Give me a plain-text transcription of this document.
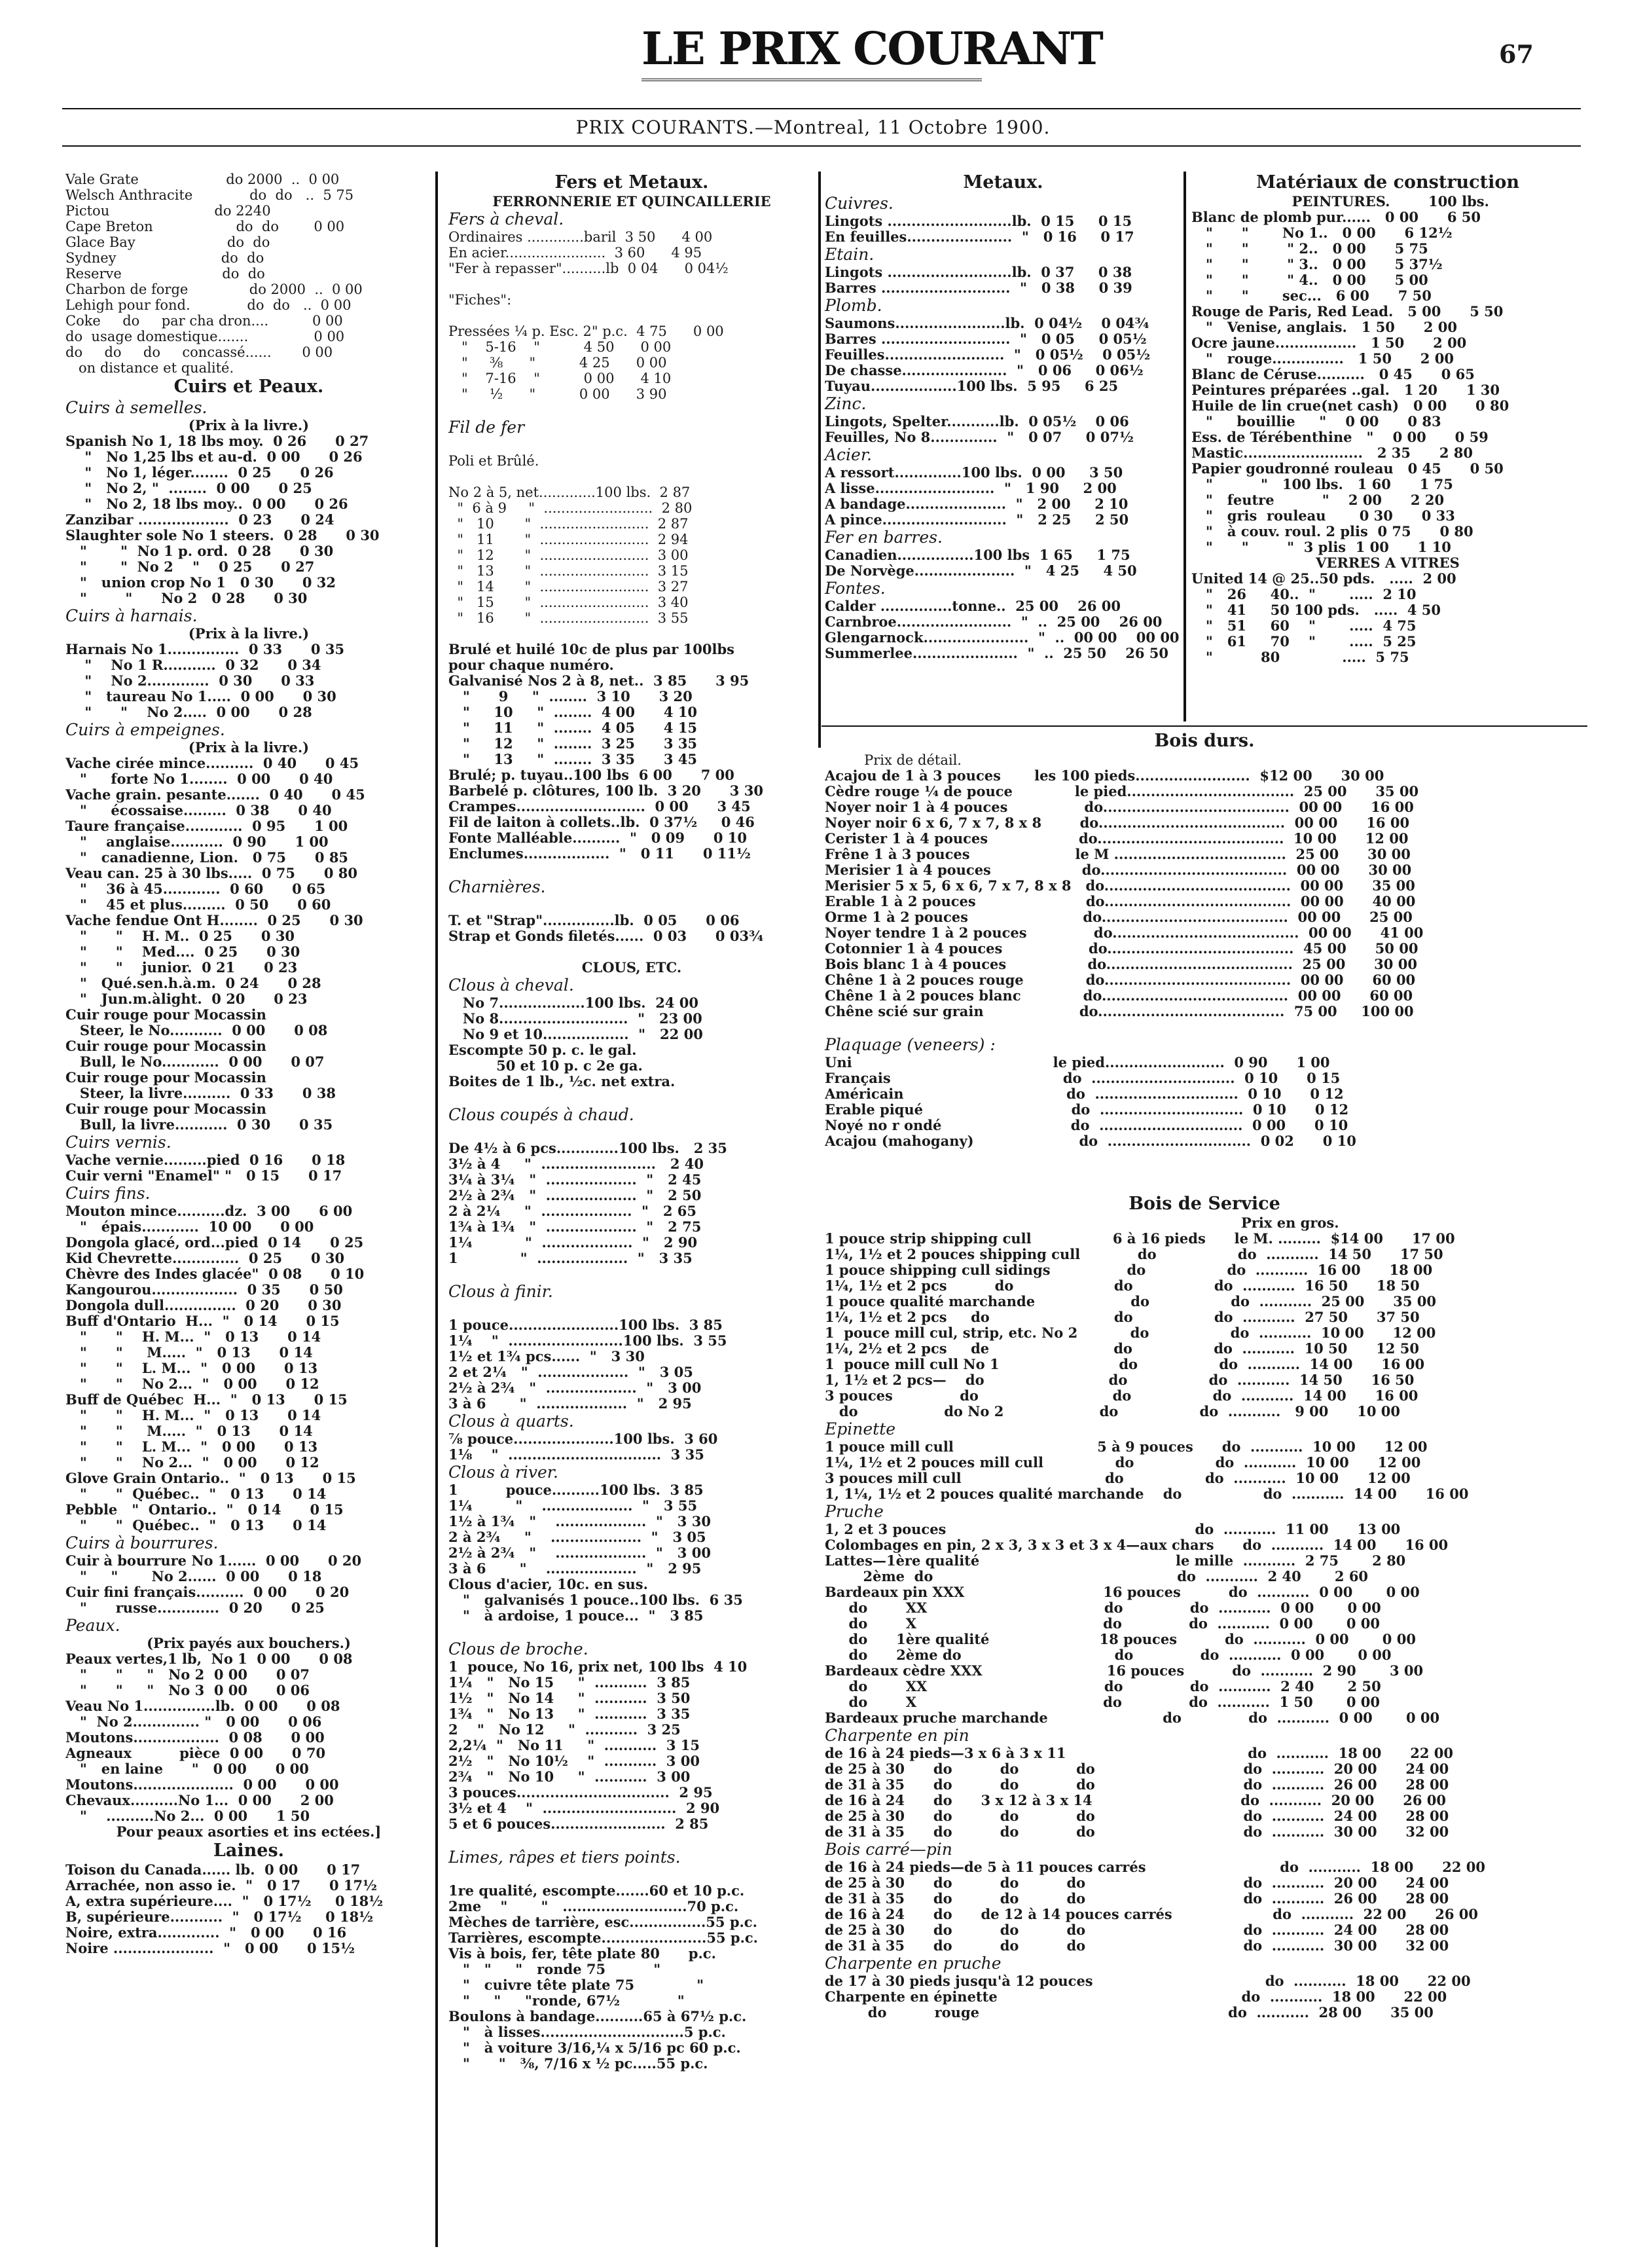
LE PRIX COURANT	67
PRIX COURANTS.—Montreal, 11 Octobre 1900.
Vale Grate                    do 2000  ..  0 00
Welsch Anthracite             do  do   ..  5 75
Pictou                        do 2240
Cape Breton                   do  do        0 00
Glace Bay                     do  do
Sydney                        do  do
Reserve                       do  do
Charbon de forge              do 2000  ..  0 00
Lehigh pour fond.             do  do   ..  0 00
Coke     do     par cha dron....          0 00
do  usage domestique.......               0 00
do     do     do     concassé......       0 00
on distance et qualité.
Cuirs et Peaux.
Cuirs à semelles.
(Prix à la livre.)
Spanish No 1, 18 lbs moy.  0 26      0 27
"   No 1,25 lbs et au-d.  0 00      0 26
"   No 1, léger........  0 25      0 26
"   No 2, "  ........  0 00      0 25
"   No 2, 18 lbs moy..  0 00      0 26
Zanzibar ...................  0 23      0 24
Slaughter sole No 1 steers.  0 28      0 30
"       "  No 1 p. ord.  0 28      0 30
"       "  No 2    "    0 25      0 27
"   union crop No 1   0 30      0 32
"        "      No 2   0 28      0 30
Cuirs à harnais.
(Prix à la livre.)
Harnais No 1...............  0 33      0 35
"    No 1 R...........  0 32      0 34
"    No 2.............  0 30      0 33
"   taureau No 1.....  0 00      0 30
"      "    No 2.....  0 00      0 28
Cuirs à empeignes.
(Prix à la livre.)
Vache cirée mince..........  0 40      0 45
"     forte No 1........  0 00      0 40
Vache grain. pesante.......  0 40      0 45
"     écossaise.........  0 38      0 40
Taure française............  0 95      1 00
"    anglaise...........  0 90      1 00
"   canadienne, Lion.   0 75      0 85
Veau can. 25 à 30 lbs.....  0 75      0 80
"    36 à 45............  0 60      0 65
"    45 et plus.........  0 50      0 60
Vache fendue Ont H........  0 25      0 30
"      "    H. M..  0 25      0 30
"      "    Med....  0 25      0 30
"      "    junior.  0 21      0 23
"   Qué.sen.h.à.m.  0 24      0 28
"   Jun.m.àlight.  0 20      0 23
Cuir rouge pour Mocassin
Steer, le No...........  0 00      0 08
Cuir rouge pour Mocassin
Bull, le No............  0 00      0 07
Cuir rouge pour Mocassin
Steer, la livre..........  0 33      0 38
Cuir rouge pour Mocassin
Bull, la livre...........  0 30      0 35
Cuirs vernis.
Vache vernie.........pied  0 16      0 18
Cuir verni "Enamel" "   0 15      0 17
Cuirs fins.
Mouton mince..........dz.  3 00      6 00
"   épais............  10 00      0 00
Dongola glacé, ord...pied  0 14      0 25
Kid Chevrette..............  0 25      0 30
Chèvre des Indes glacée"  0 08      0 10
Kangourou..................  0 35      0 50
Dongola dull...............  0 20      0 30
Buff d'Ontario  H...  "   0 14      0 15
"      "    H. M...  "   0 13      0 14
"      "     M.....  "   0 13      0 14
"      "    L. M...  "   0 00      0 13
"      "    No 2...  "   0 00      0 12
Buff de Québec  H...  "   0 13      0 15
"      "    H. M...  "   0 13      0 14
"      "     M.....  "   0 13      0 14
"      "    L. M...  "   0 00      0 13
"      "    No 2...  "   0 00      0 12
Glove Grain Ontario..  "   0 13      0 15
"      "  Québec..  "   0 13      0 14
Pebble   "  Ontario..  "   0 14      0 15
"      "  Québec..  "   0 13      0 14
Cuirs à bourrures.
Cuir à bourrure No 1......  0 00      0 20
"     "       No 2......  0 00      0 18
Cuir fini français..........  0 00      0 20
"      russe.............  0 20      0 25
Peaux.
(Prix payés aux bouchers.)
Peaux vertes,1 lb,  No 1  0 00      0 08
"      "     "   No 2  0 00      0 07
"      "     "   No 3  0 00      0 06
Veau No 1...............lb.  0 00      0 08
"  No 2.............. "   0 00      0 06
Moutons..................  0 08      0 00
Agneaux          pièce  0 00      0 70
"   en laine      "   0 00      0 00
Moutons.....................  0 00      0 00
Chevaux..........No 1...  0 00      2 00
"    ..........No 2...  0 00      1 50
Pour peaux asorties et ins ectées.]
Laines.
Toison du Canada...... lb.  0 00      0 17
Arrachée, non asso ie.  "   0 17      0 17½
A, extra supérieure....  "   0 17½     0 18½
B, supérieure...........  "   0 17½     0 18½
Noire, extra.............  "   0 00      0 16
Noire .....................  "   0 00      0 15½
Fers et Metaux.
FERRONNERIE ET QUINCAILLERIE
Fers à cheval.
Ordinaires .............baril  3 50      4 00
En acier.......................  3 60      4 95
"Fer à repasser"..........lb  0 04      0 04½
"Fiches":
Pressées ¼ p. Esc. 2" p.c.  4 75      0 00
"    5-16    "          4 50      0 00
"     ⅜      "          4 25      0 00
"    7-16    "          0 00      4 10
"     ½      "          0 00      3 90
Fil de fer
Poli et Brûlé.
No 2 à 5, net.............100 lbs.  2 87
"  6 à 9     "  .........................  2 80
"   10       "  .........................  2 87
"   11       "  .........................  2 94
"   12       "  .........................  3 00
"   13       "  .........................  3 15
"   14       "  .........................  3 27
"   15       "  .........................  3 40
"   16       "  .........................  3 55
Brulé et huilé 10c de plus par 100lbs
pour chaque numéro.
Galvanisé Nos 2 à 8, net..  3 85      3 95
"      9     "  ........  3 10      3 20
"     10     "  ........  4 00      4 10
"     11     "  ........  4 05      4 15
"     12     "  ........  3 25      3 35
"     13     "  ........  3 35      3 45
Brulé; p. tuyau..100 lbs  6 00      7 00
Barbelé p. clôtures, 100 lb.  3 20      3 30
Crampes...........................  0 00      3 45
Fil de laiton à collets..lb.  0 37½     0 46
Fonte Malléable..........  "   0 09      0 10
Enclumes..................  "   0 11      0 11½
Charnières.
T. et "Strap"...............lb.  0 05      0 06
Strap et Gonds filetés......  0 03      0 03¾
CLOUS, ETC.
Clous à cheval.
No 7..................100 lbs.  24 00
No 8...........................  "   23 00
No 9 et 10..................  "   22 00
Escompte 50 p. c. le gal.
50 et 10 p. c 2e ga.
Boites de 1 lb., ½c. net extra.
Clous coupés à chaud.
De 4½ à 6 pcs.............100 lbs.   2 35
3½ à 4     "  ........................   2 40
3¼ à 3¼   "  ...................  "   2 45
2½ à 2¾   "  ...................  "   2 50
2 à 2¼     "  ...................  "   2 65
1¾ à 1¾   "  ...................  "   2 75
1¼           "  ...................  "   2 90
1             "  ...................  "   3 35
Clous à finir.
1 pouce.......................100 lbs.  3 85
1¼    "  ........................100 lbs.  3 55
1½ et 1¾ pcs......  "   3 30
2 et 2¼   "  ...................  "   3 05
2½ à 2¾   "  ...................  "   3 00
3 à 6       "  ...................  "   2 95
Clous à quarts.
⅞ pouce.....................100 lbs.  3 60
1⅛    "  ................................  3 35
Clous à river.
1          pouce..........100 lbs.  3 85
1¼         "    ...................  "   3 55
1½ à 1¾   "    ...................  "   3 30
2 à 2¾     "    ...................  "   3 05
2½ à 2¾   "    ...................  "   3 00
3 à 6       "    ...................  "   2 95
Clous d'acier, 10c. en sus.
"   galvanisés 1 pouce..100 lbs.  6 35
"   à ardoise, 1 pouce...  "   3 85
Clous de broche.
1  pouce, No 16, prix net, 100 lbs  4 10
1¼   "   No 15     "  ...........  3 85
1½   "   No 14     "  ...........  3 50
1¾   "   No 13     "  ...........  3 35
2    "   No 12     "  ...........  3 25
2,2¼  "   No 11     "  ...........  3 15
2½   "   No 10½    "  ...........  3 00
2¾   "   No 10     "  ...........  3 00
3 pouces................................  2 95
3½ et 4    "  ............................  2 90
5 et 6 pouces........................  2 85
Limes, râpes et tiers points.
1re qualité, escompte.......60 et 10 p.c.
2me    "       "   ..........................70 p.c.
Mèches de tarrière, esc................55 p.c.
Tarrières, escompte......................55 p.c.
Vis à bois, fer, tête plate 80      p.c.
"   "     "   ronde 75          "
"   cuivre tête plate 75             "
"     "     "ronde, 67½            "
Boulons à bandage..........65 à 67½ p.c.
"   à lisses..............................5 p.c.
"   à voiture 3/16,¼ x 5/16 pc 60 p.c.
"      "   ⅜, 7/16 x ½ pc.....55 p.c.
Metaux.
Cuivres.
Lingots ..........................lb.  0 15     0 15
En feuilles......................  "   0 16     0 17
Etain.
Lingots ..........................lb.  0 37     0 38
Barres ...........................  "   0 38     0 39
Plomb.
Saumons.......................lb.  0 04½    0 04¾
Barres ...........................  "   0 05     0 05½
Feuilles.........................  "   0 05½    0 05½
De chasse......................  "   0 06     0 06½
Tuyau..................100 lbs.  5 95     6 25
Zinc.
Lingots, Spelter...........lb.  0 05½    0 06
Feuilles, No 8..............  "   0 07     0 07½
Acier.
A ressort..............100 lbs.  0 00     3 50
A lisse.........................  "   1 90     2 00
A bandage.....................  "   2 00     2 10
A pince..........................  "   2 25     2 50
Fer en barres.
Canadien................100 lbs  1 65     1 75
De Norvège.....................  "   4 25     4 50
Fontes.
Calder ...............tonne..  25 00    26 00
Carnbroe........................  "  ..  25 00    26 00
Glengarnock......................  "  ..  00 00    00 00
Summerlee......................  "  ..  25 50    26 50
Matériaux de construction
PEINTURES.        100 lbs.
Blanc de plomb pur......   0 00      6 50
"      "       No 1..   0 00      6 12½
"      "        " 2..   0 00      5 75
"      "        " 3..   0 00      5 37½
"      "        " 4..   0 00      5 00
"      "       sec...   6 00      7 50
Rouge de Paris, Red Lead.   5 00      5 50
"   Venise, anglais.   1 50      2 00
Ocre jaune.................   1 50      2 00
"   rouge...............   1 50      2 00
Blanc de Céruse..........   0 45      0 65
Peintures préparées ..gal.   1 20      1 30
Huile de lin crue(net cash)   0 00      0 80
"     bouillie     "    0 00      0 83
Ess. de Térébenthine   "    0 00      0 59
Mastic.........................   2 35      2 80
Papier goudronné rouleau   0 45      0 50
"          "   100 lbs.   1 60      1 75
"   feutre          "    2 00      2 20
"   gris  rouleau       0 30      0 33
"   à couv. roul. 2 plis  0 75      0 80
"      "        "  3 plis  1 00      1 10
VERRES A VITRES
United 14 @ 25..50 pds.   .....  2 00
"   26     40..  "       .....  2 10
"   41     50 100 pds.   .....  4 50
"   51     60    "       .....  4 75
"   61     70    "       .....  5 25
"          80             .....  5 75
Bois durs.
Prix de détail.
Acajou de 1 à 3 pouces       les 100 pieds........................  $12 00      30 00
Cèdre rouge ¼ de pouce             le pied...................................  25 00      35 00
Noyer noir 1 à 4 pouces                do.......................................  00 00      16 00
Noyer noir 6 x 6, 7 x 7, 8 x 8        do.......................................  00 00      16 00
Cerister 1 à 4 pouces                   do.......................................  10 00      12 00
Frêne 1 à 3 pouces                      le M ....................................  25 00      30 00
Merisier 1 à 4 pouces                   do.......................................  00 00      30 00
Merisier 5 x 5, 6 x 6, 7 x 7, 8 x 8   do.......................................  00 00      35 00
Erable 1 à 2 pouces                       do.......................................  00 00      40 00
Orme 1 à 2 pouces                        do.......................................  00 00      25 00
Noyer tendre 1 à 2 pouces              do.......................................  00 00      41 00
Cotonnier 1 à 4 pouces                  do.......................................  45 00      50 00
Bois blanc 1 à 4 pouces                 do.......................................  25 00      30 00
Chêne 1 à 2 pouces rouge             do.......................................  00 00      60 00
Chêne 1 à 2 pouces blanc             do.......................................  00 00      60 00
Chêne scié sur grain                    do.......................................  75 00     100 00
Plaquage (veneers) :
Uni                                          le pied.........................  0 90      1 00
Français                                    do  ..............................  0 10      0 15
Américain                                  do  ..............................  0 10      0 12
Erable piqué                               do  ..............................  0 10      0 12
Noyé no r ondé                           do  ..............................  0 00      0 10
Acajou (mahogany)                      do  ..............................  0 02      0 10
Bois de Service
Prix en gros.
1 pouce strip shipping cull                 6 à 16 pieds      le M. .........  $14 00      17 00
1¼, 1½ et 2 pouces shipping cull            do                 do  ...........  14 50      17 50
1 pouce shipping cull sidings                do                 do  ...........  16 00      18 00
1¼, 1½ et 2 pcs          do                     do                 do  ...........  16 50      18 50
1 pouce qualité marchande                    do                 do  ...........  25 00      35 00
1¼, 1½ et 2 pcs     do                          do                 do  ...........  27 50      37 50
1  pouce mill cul, strip, etc. No 2           do                 do  ...........  10 00      12 00
1¼, 2½ et 2 pcs     de                          do                 do  ...........  10 50      12 50
1  pouce mill cull No 1                         do                 do  ...........  14 00      16 00
1, 1½ et 2 pcs—    do                          do                 do  ...........  14 50      16 50
3 pouces              do                            do                 do  ...........  14 00      16 00
do                  do No 2                    do                 do  ...........   9 00      10 00
Epinette
1 pouce mill cull                              5 à 9 pouces      do  ...........  10 00      12 00
1¼, 1½ et 2 pouces mill cull               do                 do  ...........  10 00      12 00
3 pouces mill cull                              do                 do  ...........  10 00      12 00
1, 1¼, 1½ et 2 pouces qualité marchande    do                 do  ...........  14 00      16 00
Pruche
1, 2 et 3 pouces                                                    do  ...........  11 00      13 00
Colombages en pin, 2 x 3, 3 x 3 et 3 x 4—aux chars      do  ...........  14 00      16 00
Lattes—1ère qualité                                         le mille  ...........  2 75       2 80
2ème  do                                                   do  ...........  2 40       2 60
Bardeaux pin XXX                             16 pouces          do  ...........  0 00       0 00
do        XX                                     do              do  ...........  0 00       0 00
do        X                                       do              do  ...........  0 00       0 00
do      1ère qualité                       18 pouces          do  ...........  0 00       0 00
do      2ème do                                do              do  ...........  0 00       0 00
Bardeaux cèdre XXX                          16 pouces          do  ...........  2 90       3 00
do        XX                                     do              do  ...........  2 40       2 50
do        X                                       do              do  ...........  1 50       0 00
Bardeaux pruche marchande                        do              do  ...........  0 00       0 00
Charpente en pin
de 16 à 24 pieds—3 x 6 à 3 x 11                                      do  ...........  18 00      22 00
de 25 à 30      do          do            do                               do  ...........  20 00      24 00
de 31 à 35      do          do            do                               do  ...........  26 00      28 00
de 16 à 24      do      3 x 12 à 3 x 14                               do  ...........  20 00      26 00
de 25 à 30      do          do            do                               do  ...........  24 00      28 00
de 31 à 35      do          do            do                               do  ...........  30 00      32 00
Bois carré—pin
de 16 à 24 pieds—de 5 à 11 pouces carrés                            do  ...........  18 00      22 00
de 25 à 30      do          do          do                                 do  ...........  20 00      24 00
de 31 à 35      do          do          do                                 do  ...........  26 00      28 00
de 16 à 24      do      de 12 à 14 pouces carrés                     do  ...........  22 00      26 00
de 25 à 30      do          do          do                                 do  ...........  24 00      28 00
de 31 à 35      do          do          do                                 do  ...........  30 00      32 00
Charpente en pruche
de 17 à 30 pieds jusqu'à 12 pouces                                    do  ...........  18 00      22 00
Charpente en épinette                                                   do  ...........  18 00      22 00
do          rouge                                                    do  ...........  28 00      35 00
